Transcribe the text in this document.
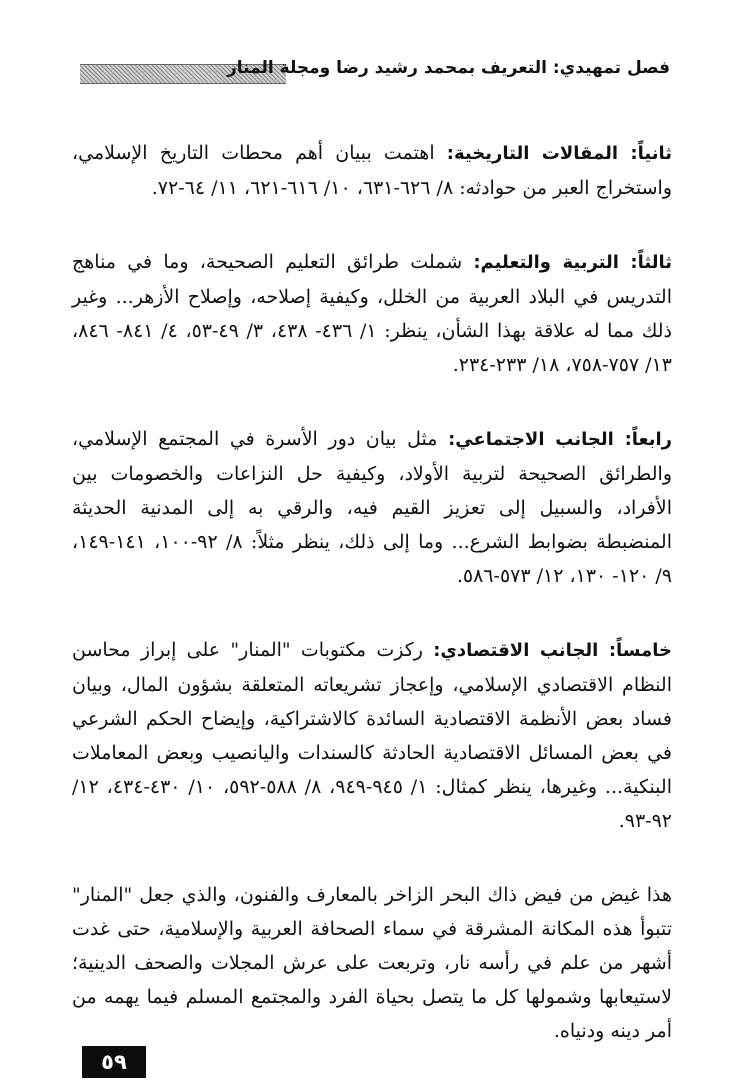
فصل تمهيدي: التعريف بمحمد رشيد رضا ومجلة المنار

ثانياً: المقالات التاريخية: اهتمت ببيان أهم محطات التاريخ الإسلامي، واستخراج العبر من حوادثه: ٨/ ٦٢٦-٦٣١، ١٠/ ٦١٦-٦٢١، ١١/ ٦٤-٧٢.

ثالثاً: التربية والتعليم: شملت طرائق التعليم الصحيحة، وما في مناهج التدريس في البلاد العربية من الخلل، وكيفية إصلاحه، وإصلاح الأزهر... وغير ذلك مما له علاقة بهذا الشأن، ينظر: ١/ ٤٣٦- ٤٣٨، ٣/ ٤٩-٥٣، ٤/ ٨٤١- ٨٤٦، ١٣/ ٧٥٧-٧٥٨، ١٨/ ٢٣٣-٢٣٤.

رابعاً: الجانب الاجتماعي: مثل بيان دور الأسرة في المجتمع الإسلامي، والطرائق الصحيحة لتربية الأولاد، وكيفية حل النزاعات والخصومات بين الأفراد، والسبيل إلى تعزيز القيم فيه، والرقي به إلى المدنية الحديثة المنضبطة بضوابط الشرع... وما إلى ذلك، ينظر مثلاً: ٨/ ٩٢-١٠٠، ١٤١-١٤٩، ٩/ ١٢٠- ١٣٠، ١٢/ ٥٧٣-٥٨٦.

خامساً: الجانب الاقتصادي: ركزت مكتوبات "المنار" على إبراز محاسن النظام الاقتصادي الإسلامي، وإعجاز تشريعاته المتعلقة بشؤون المال، وبيان فساد بعض الأنظمة الاقتصادية السائدة كالاشتراكية، وإيضاح الحكم الشرعي في بعض المسائل الاقتصادية الحادثة كالسندات واليانصيب وبعض المعاملات البنكية... وغيرها، ينظر كمثال: ١/ ٩٤٥-٩٤٩، ٨/ ٥٨٨-٥٩٢، ١٠/ ٤٣٠-٤٣٤، ١٢/ ٩٢-٩٣.

هذا غيض من فيض ذاك البحر الزاخر بالمعارف والفنون، والذي جعل "المنار" تتبوأ هذه المكانة المشرقة في سماء الصحافة العربية والإسلامية، حتى غدت أشهر من علم في رأسه نار، وتربعت على عرش المجلات والصحف الدينية؛ لاستيعابها وشمولها كل ما يتصل بحياة الفرد والمجتمع المسلم فيما يهمه من أمر دينه ودنياه.

٥٩
